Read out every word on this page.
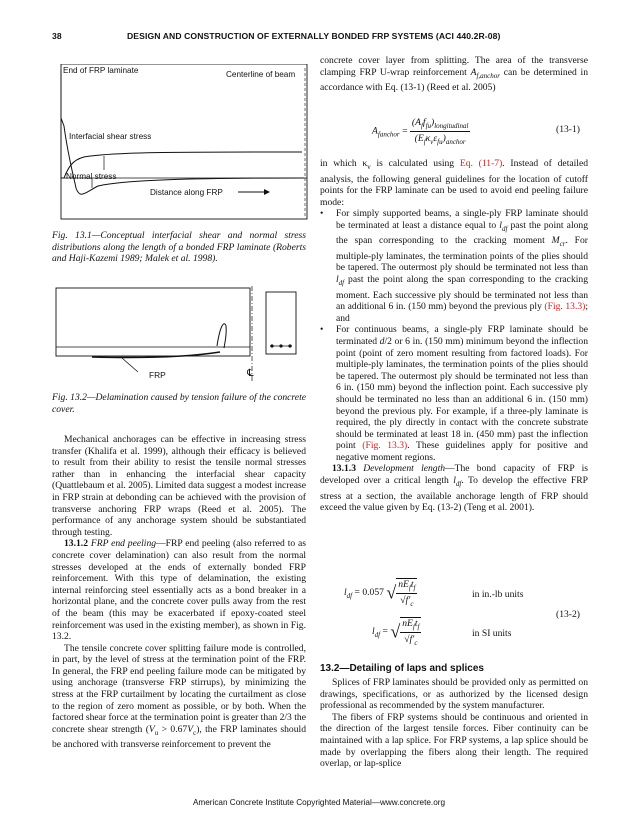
38	DESIGN AND CONSTRUCTION OF EXTERNALLY BONDED FRP SYSTEMS (ACI 440.2R-08)
End of FRP laminate	Centerline of beam
Interfacial shear stress
Normal stress
Distance along FRP
Fig. 13.1—Conceptual interfacial shear and normal stress distributions along the length of a bonded FRP laminate (Roberts and Haji-Kazemi 1989; Malek et al. 1998).
FRP	℄
Fig. 13.2—Delamination caused by tension failure of the concrete cover.

Mechanical anchorages can be effective in increasing stress transfer (Khalifa et al. 1999), although their efficacy is believed to result from their ability to resist the tensile normal stresses rather than in enhancing the interfacial shear capacity (Quattlebaum et al. 2005). Limited data suggest a modest increase in FRP strain at debonding can be achieved with the provision of transverse anchoring FRP wraps (Reed et al. 2005). The performance of any anchorage system should be substantiated through testing.

13.1.2 FRP end peeling—FRP end peeling (also referred to as concrete cover delamination) can also result from the normal stresses developed at the ends of externally bonded FRP reinforcement. With this type of delamination, the existing internal reinforcing steel essentially acts as a bond breaker in a horizontal plane, and the concrete cover pulls away from the rest of the beam (this may be exacerbated if epoxy-coated steel reinforcement was used in the existing member), as shown in Fig. 13.2.

The tensile concrete cover splitting failure mode is controlled, in part, by the level of stress at the termination point of the FRP. In general, the FRP end peeling failure mode can be mitigated by using anchorage (transverse FRP stirrups), by minimizing the stress at the FRP curtailment by locating the curtailment as close to the region of zero moment as possible, or by both. When the factored shear force at the termination point is greater than 2/3 the concrete shear strength $(V_u > 0.67V_c)$, the FRP laminates should be anchored with transverse reinforcement to prevent the

concrete cover layer from splitting. The area of the transverse clamping FRP U-wrap reinforcement $A_{f,anchor}$ can be determined in accordance with Eq. (13-1) (Reed et al. 2005)

$A_{fanchor} = \frac{(A_ff_{fu})_{longitudinal}}{(E_f\kappa_v\varepsilon_{fu})_{anchor}}$	(13-1)

in which $\kappa_v$ is calculated using Eq. (11-7). Instead of detailed analysis, the following general guidelines for the location of cutoff points for the FRP laminate can be used to avoid end peeling failure mode:

• For simply supported beams, a single-ply FRP laminate should be terminated at least a distance equal to $l_{df}$ past the point along the span corresponding to the cracking moment $M_{cr}$. For multiple-ply laminates, the termination points of the plies should be tapered. The outermost ply should be terminated not less than $l_{df}$ past the point along the span corresponding to the cracking moment. Each successive ply should be terminated not less than an additional 6 in. (150 mm) beyond the previous ply (Fig. 13.3); and
• For continuous beams, a single-ply FRP laminate should be terminated d/2 or 6 in. (150 mm) minimum beyond the inflection point (point of zero moment resulting from factored loads). For multiple-ply laminates, the termination points of the plies should be tapered. The outermost ply should be terminated not less than 6 in. (150 mm) beyond the inflection point. Each successive ply should be terminated no less than an additional 6 in. (150 mm) beyond the previous ply. For example, if a three-ply laminate is required, the ply directly in contact with the concrete substrate should be terminated at least 18 in. (450 mm) past the inflection point (Fig. 13.3). These guidelines apply for positive and negative moment regions.

13.1.3 Development length—The bond capacity of FRP is developed over a critical length $l_{df}$. To develop the effective FRP stress at a section, the available anchorage length of FRP should exceed the value given by Eq. (13-2) (Teng et al. 2001).

$l_{df} = 0.057$ √ $\frac{nE_ft_f}{√f'_c}$	in in.-lb units
$l_{df}$ = √ $\frac{nE_ft_f}{√f'_c}$	in SI units
(13-2)
13.2—Detailing of laps and splices

Splices of FRP laminates should be provided only as permitted on drawings, specifications, or as authorized by the licensed design professional as recommended by the system manufacturer.

The fibers of FRP systems should be continuous and oriented in the direction of the largest tensile forces. Fiber continuity can be maintained with a lap splice. For FRP systems, a lap splice should be made by overlapping the fibers along their length. The required overlap, or lap-splice

American Concrete Institute Copyrighted Material—www.concrete.org
